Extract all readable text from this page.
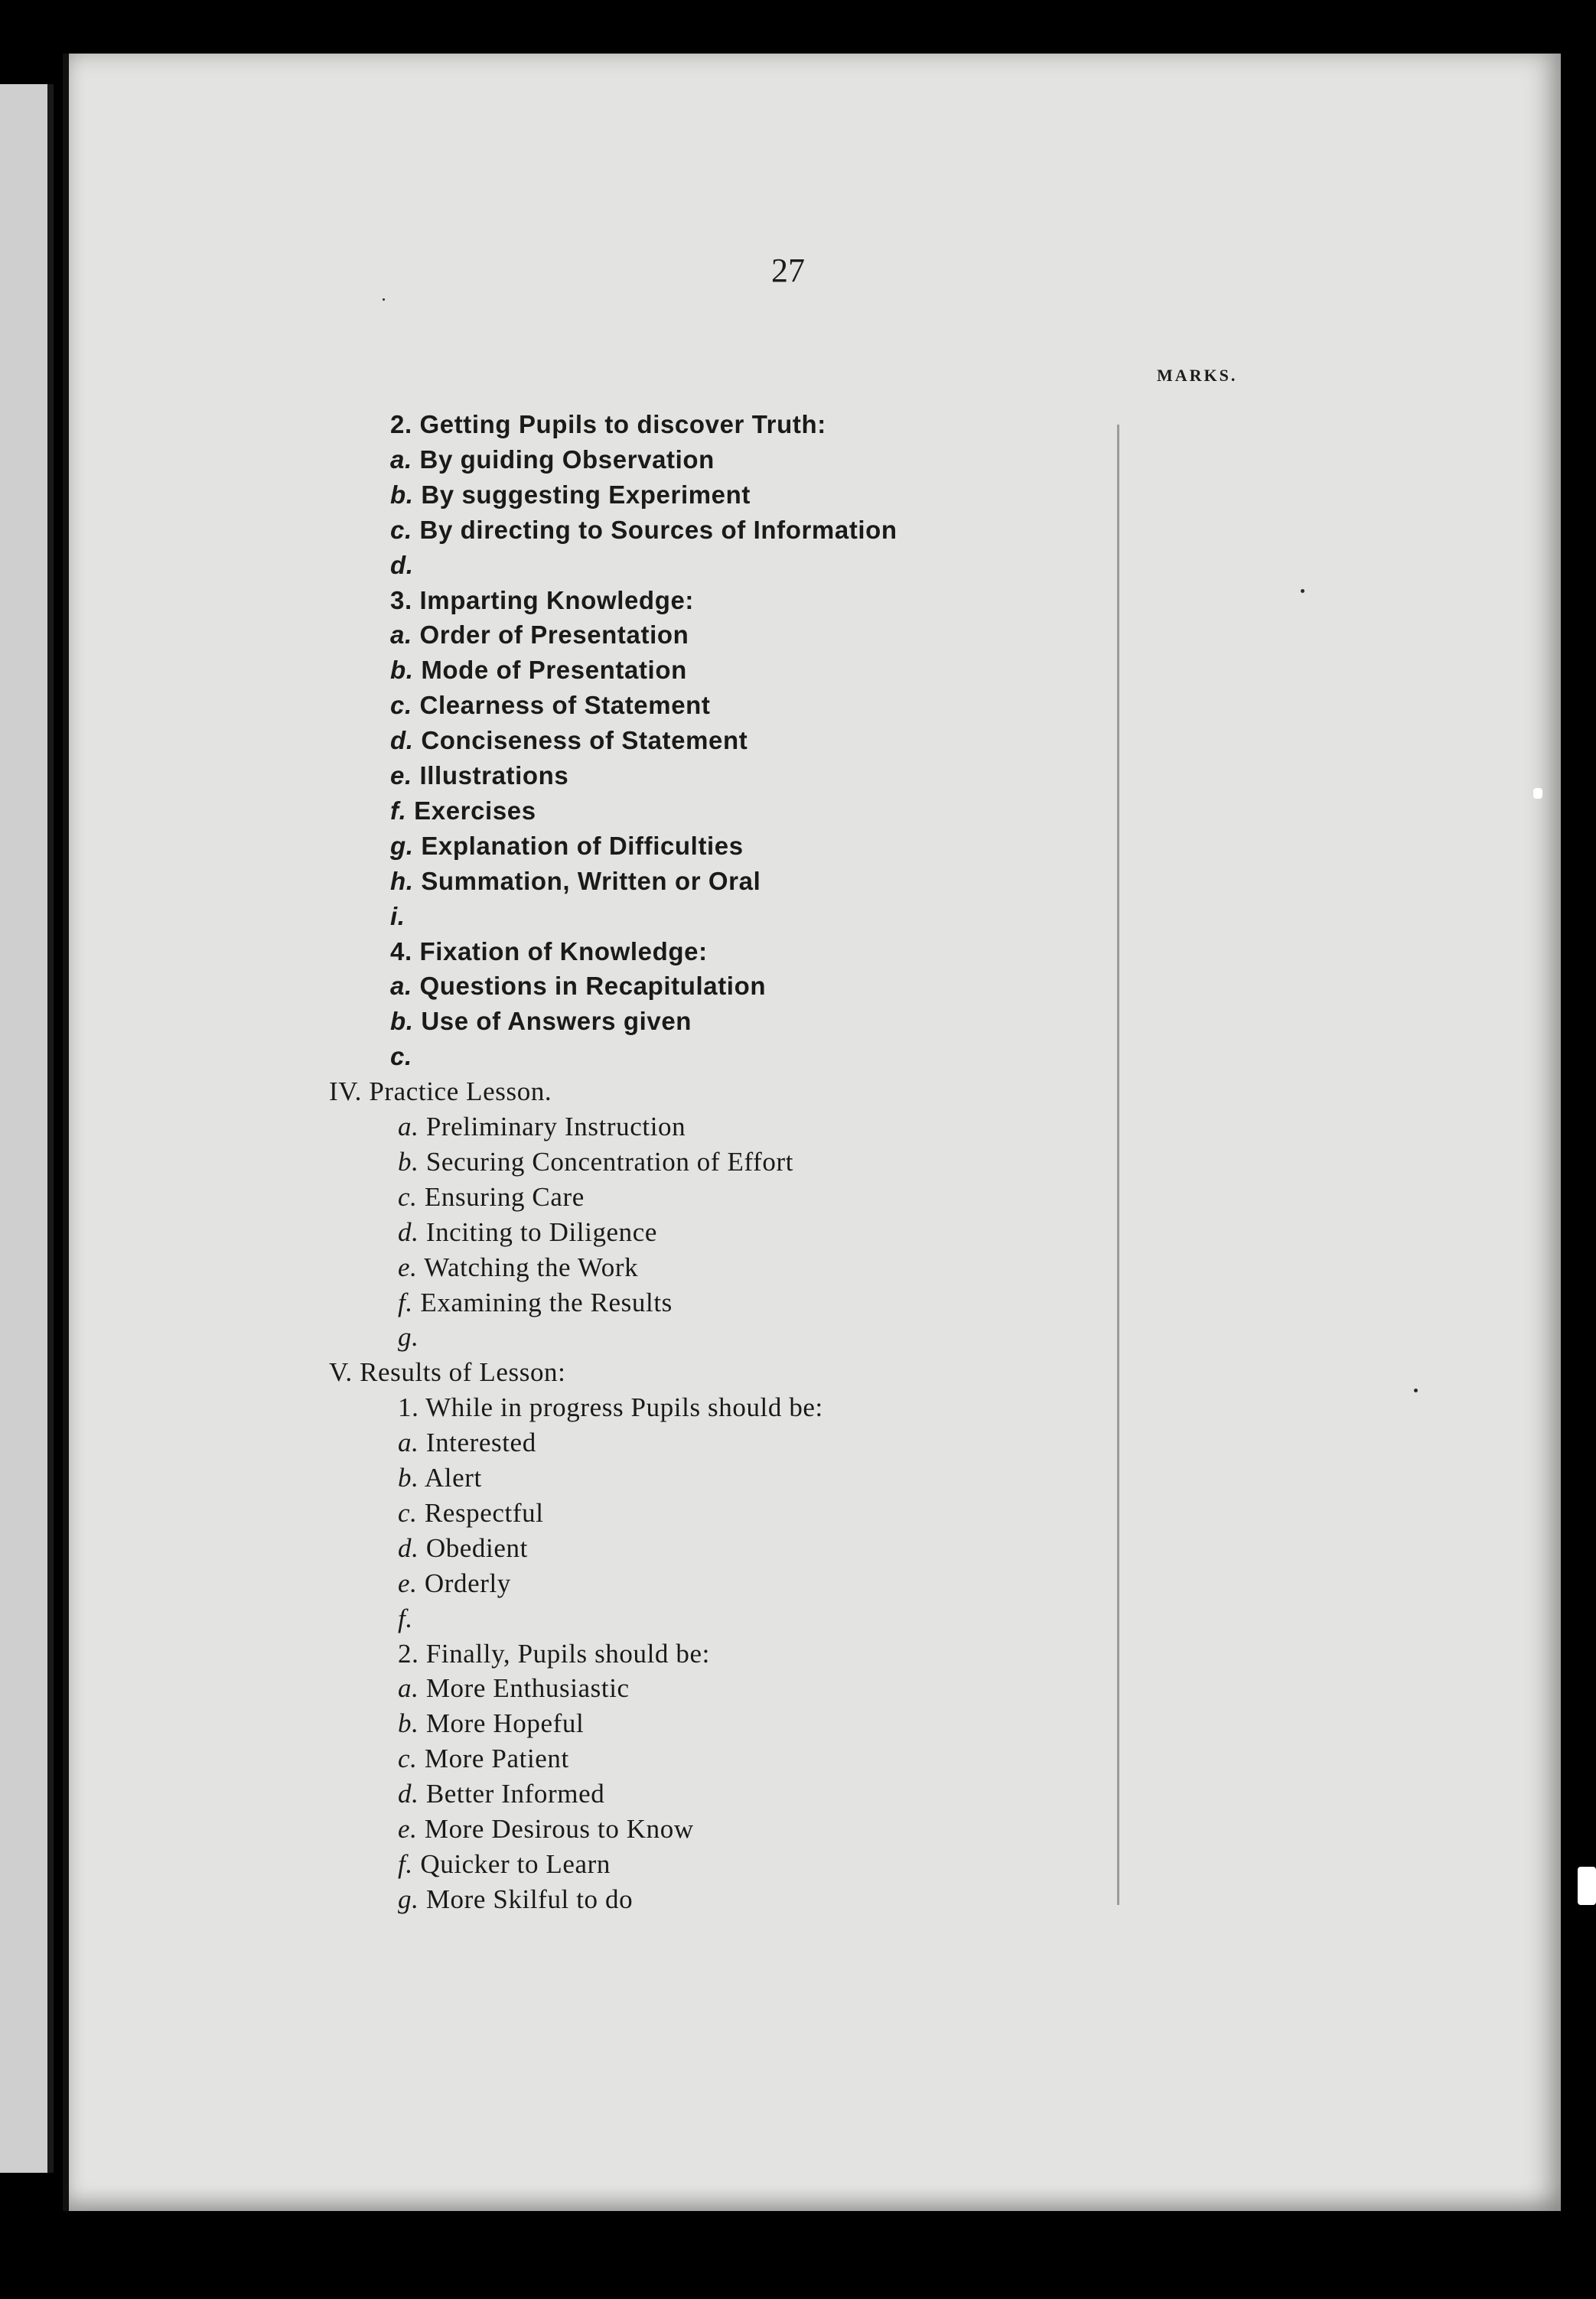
27
MARKS.
2. Getting Pupils to discover Truth:
a. By guiding Observation
b. By suggesting Experiment
c. By directing to Sources of Information
d.
3. Imparting Knowledge:
a. Order of Presentation
b. Mode of Presentation
c. Clearness of Statement
d. Conciseness of Statement
e. Illustrations
f. Exercises
g. Explanation of Difficulties
h. Summation, Written or Oral
i.
4. Fixation of Knowledge:
a. Questions in Recapitulation
b. Use of Answers given
c.
IV. Practice Lesson.
a. Preliminary Instruction
b. Securing Concentration of Effort
c. Ensuring Care
d. Inciting to Diligence
e. Watching the Work
f. Examining the Results
g.
V. Results of Lesson:
1. While in progress Pupils should be:
a. Interested
b. Alert
c. Respectful
d. Obedient
e. Orderly
f.
2. Finally, Pupils should be:
a. More Enthusiastic
b. More Hopeful
c. More Patient
d. Better Informed
e. More Desirous to Know
f. Quicker to Learn
g. More Skilful to do
